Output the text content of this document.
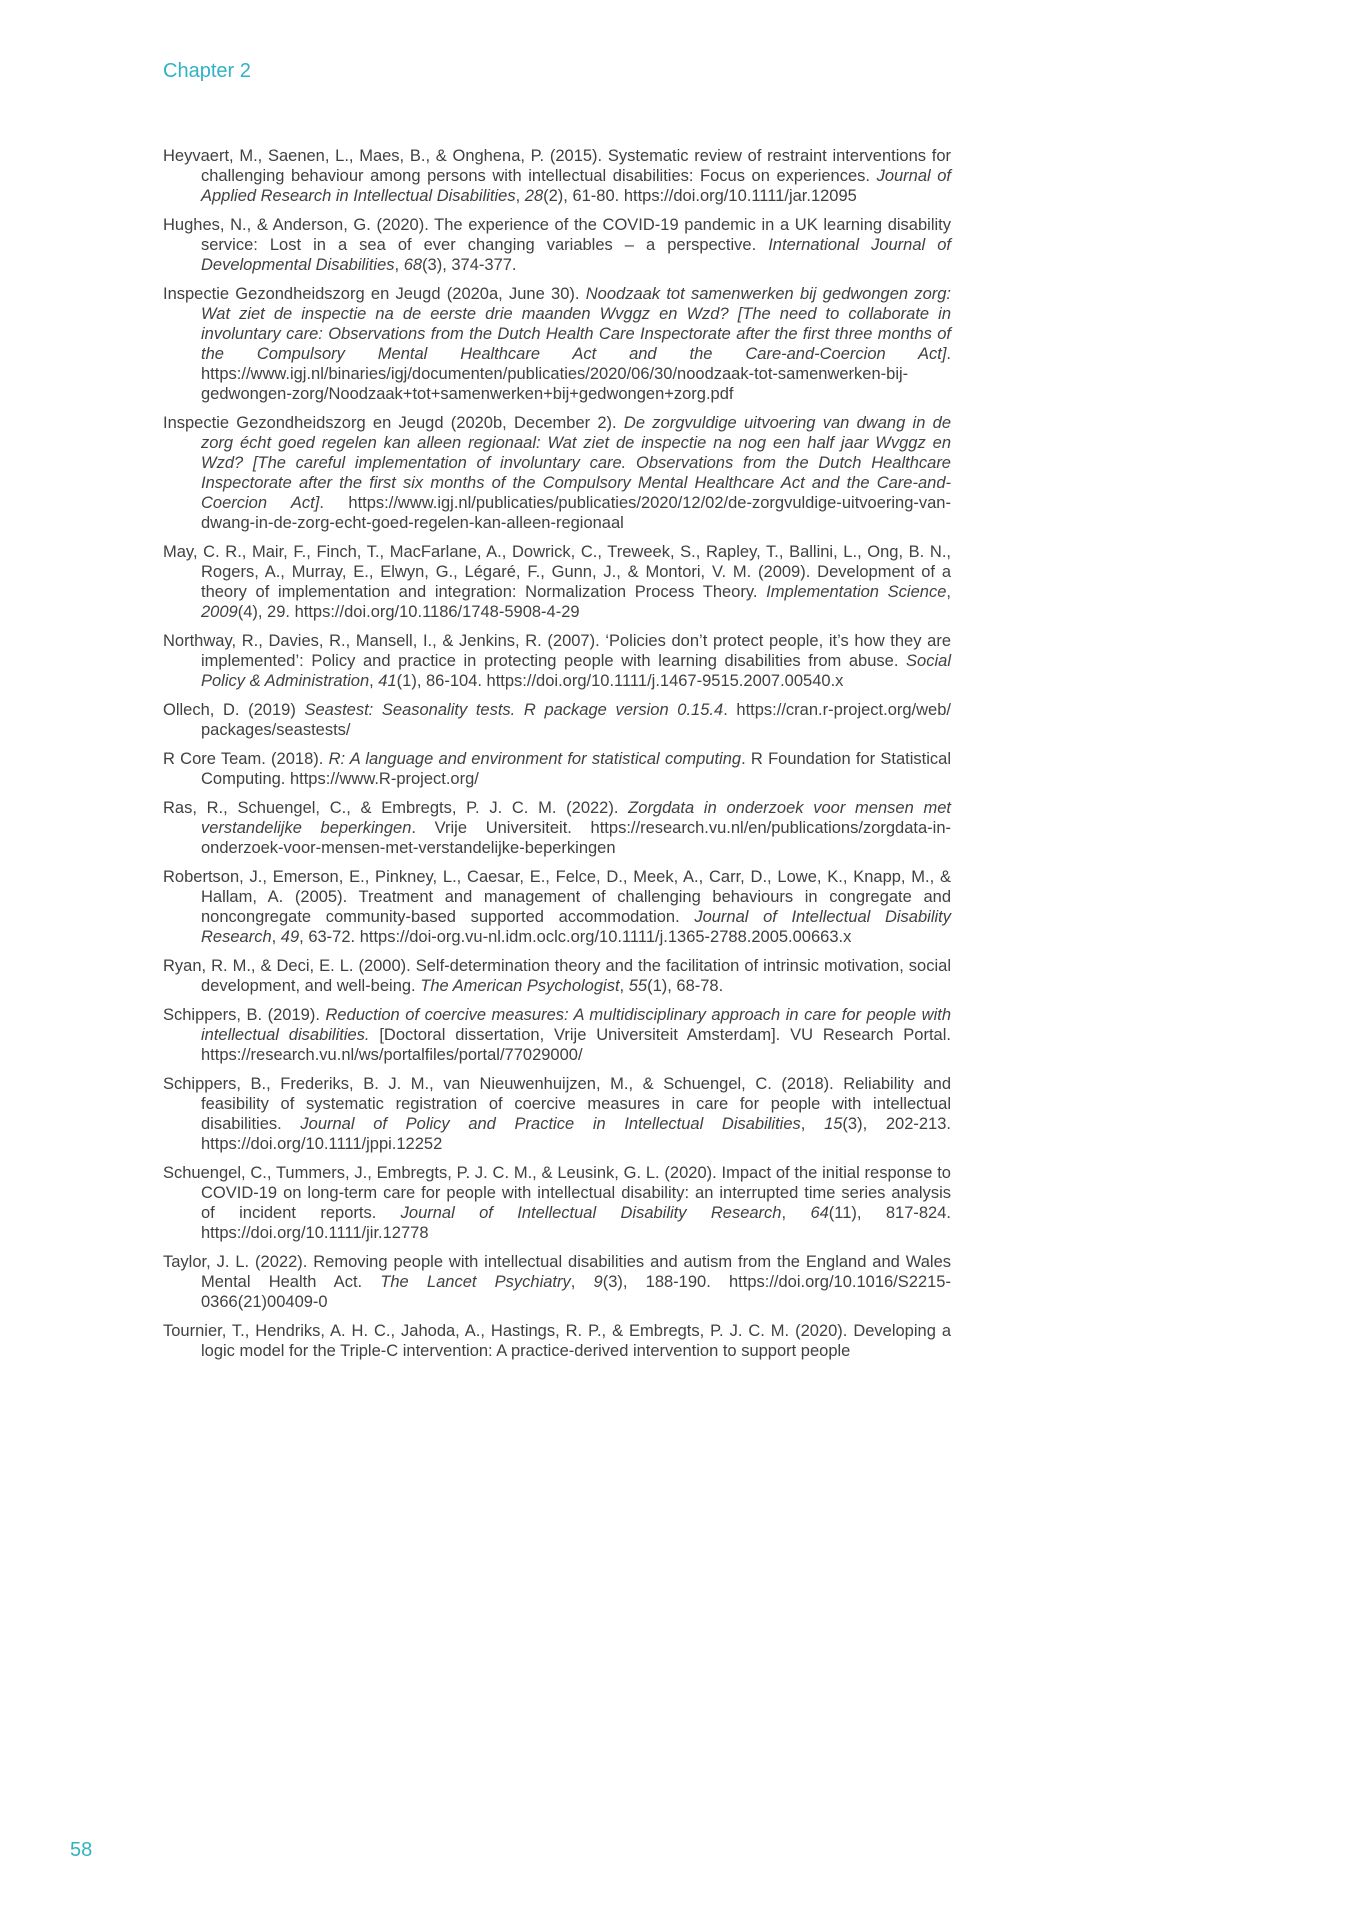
Chapter 2

Heyvaert, M., Saenen, L., Maes, B., & Onghena, P. (2015). Systematic review of restraint interventions for challenging behaviour among persons with intellectual disabilities: Focus on experiences. Journal of Applied Research in Intellectual Disabilities, 28(2), 61-80. https://doi.org/10.1111/jar.12095

Hughes, N., & Anderson, G. (2020). The experience of the COVID-19 pandemic in a UK learning disability service: Lost in a sea of ever changing variables – a perspective. International Journal of Developmental Disabilities, 68(3), 374-377.

Inspectie Gezondheidszorg en Jeugd (2020a, June 30). Noodzaak tot samenwerken bij gedwongen zorg: Wat ziet de inspectie na de eerste drie maanden Wvggz en Wzd? [The need to collaborate in involuntary care: Observations from the Dutch Health Care Inspectorate after the first three months of the Compulsory Mental Healthcare Act and the Care-and-Coercion Act]. https://www.igj.nl/binaries/igj/documenten/publicaties/2020/06/30/noodzaak-tot-samenwerken-bij-gedwongen-zorg/Noodzaak+tot+samenwerken+bij+gedwongen+zorg.pdf

Inspectie Gezondheidszorg en Jeugd (2020b, December 2). De zorgvuldige uitvoering van dwang in de zorg écht goed regelen kan alleen regionaal: Wat ziet de inspectie na nog een half jaar Wvggz en Wzd? [The careful implementation of involuntary care. Observations from the Dutch Healthcare Inspectorate after the first six months of the Compulsory Mental Healthcare Act and the Care-and-Coercion Act]. https://www.igj.nl/publicaties/publicaties/2020/12/02/de-zorgvuldige-uitvoering-van-dwang-in-de-zorg-echt-goed-regelen-kan-alleen-regionaal

May, C. R., Mair, F., Finch, T., MacFarlane, A., Dowrick, C., Treweek, S., Rapley, T., Ballini, L., Ong, B. N., Rogers, A., Murray, E., Elwyn, G., Légaré, F., Gunn, J., & Montori, V. M. (2009). Development of a theory of implementation and integration: Normalization Process Theory. Implementation Science, 2009(4), 29. https://doi.org/10.1186/1748-5908-4-29

Northway, R., Davies, R., Mansell, I., & Jenkins, R. (2007). ‘Policies don’t protect people, it’s how they are implemented’: Policy and practice in protecting people with learning disabilities from abuse. Social Policy & Administration, 41(1), 86-104. https://doi.org/10.1111/j.1467-9515.2007.00540.x

Ollech, D. (2019) Seastest: Seasonality tests. R package version 0.15.4. https://cran.r-project.org/web/ packages/seastests/

R Core Team. (2018). R: A language and environment for statistical computing. R Foundation for Statistical Computing. https://www.R-project.org/

Ras, R., Schuengel, C., & Embregts, P. J. C. M. (2022). Zorgdata in onderzoek voor mensen met verstandelijke beperkingen. Vrije Universiteit. https://research.vu.nl/en/publications/zorgdata-in-onderzoek-voor-mensen-met-verstandelijke-beperkingen

Robertson, J., Emerson, E., Pinkney, L., Caesar, E., Felce, D., Meek, A., Carr, D., Lowe, K., Knapp, M., & Hallam, A. (2005). Treatment and management of challenging behaviours in congregate and noncongregate community-based supported accommodation. Journal of Intellectual Disability Research, 49, 63-72. https://doi-org.vu-nl.idm.oclc.org/10.1111/j.1365-2788.2005.00663.x

Ryan, R. M., & Deci, E. L. (2000). Self-determination theory and the facilitation of intrinsic motivation, social development, and well-being. The American Psychologist, 55(1), 68-78.

Schippers, B. (2019). Reduction of coercive measures: A multidisciplinary approach in care for people with intellectual disabilities. [Doctoral dissertation, Vrije Universiteit Amsterdam]. VU Research Portal. https://research.vu.nl/ws/portalfiles/portal/77029000/

Schippers, B., Frederiks, B. J. M., van Nieuwenhuijzen, M., & Schuengel, C. (2018). Reliability and feasibility of systematic registration of coercive measures in care for people with intellectual disabilities. Journal of Policy and Practice in Intellectual Disabilities, 15(3), 202-213. https://doi.org/10.1111/jppi.12252

Schuengel, C., Tummers, J., Embregts, P. J. C. M., & Leusink, G. L. (2020). Impact of the initial response to COVID-19 on long-term care for people with intellectual disability: an interrupted time series analysis of incident reports. Journal of Intellectual Disability Research, 64(11), 817-824. https://doi.org/10.1111/jir.12778

Taylor, J. L. (2022). Removing people with intellectual disabilities and autism from the England and Wales Mental Health Act. The Lancet Psychiatry, 9(3), 188-190. https://doi.org/10.1016/S2215-0366(21)00409-0

Tournier, T., Hendriks, A. H. C., Jahoda, A., Hastings, R. P., & Embregts, P. J. C. M. (2020). Developing a logic model for the Triple-C intervention: A practice-derived intervention to support people

58
